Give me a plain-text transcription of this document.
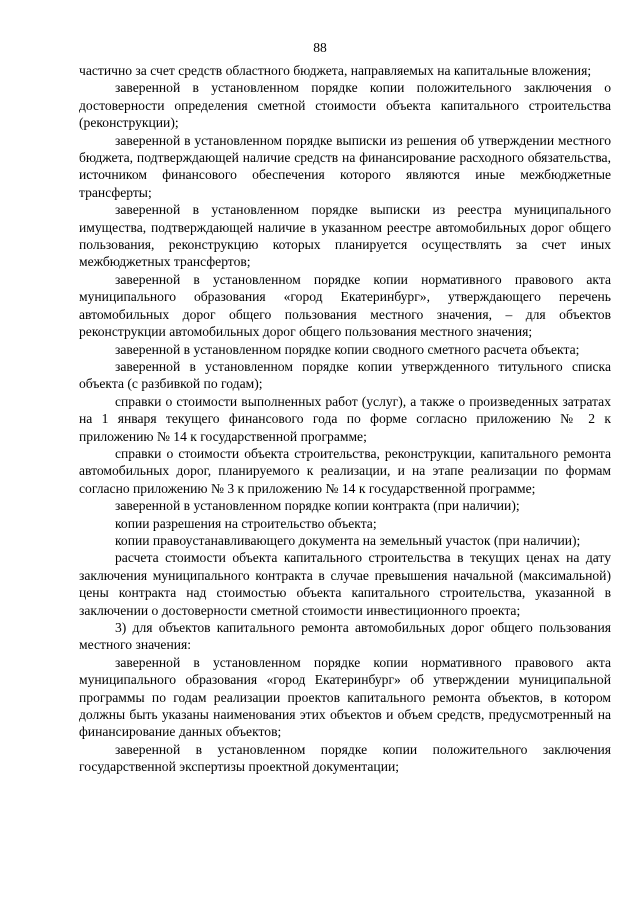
88

частично за счет средств областного бюджета, направляемых на капитальные вложения;

заверенной в установленном порядке копии положительного заключения о достоверности определения сметной стоимости объекта капитального строительства (реконструкции);

заверенной в установленном порядке выписки из решения об утверждении местного бюджета, подтверждающей наличие средств на финансирование расходного обязательства, источником финансового обеспечения которого являются иные межбюджетные трансферты;

заверенной в установленном порядке выписки из реестра муниципального имущества, подтверждающей наличие в указанном реестре автомобильных дорог общего пользования, реконструкцию которых планируется осуществлять за счет иных межбюджетных трансфертов;

заверенной в установленном порядке копии нормативного правового акта муниципального образования «город Екатеринбург», утверждающего перечень автомобильных дорог общего пользования местного значения, – для объектов реконструкции автомобильных дорог общего пользования местного значения;

заверенной в установленном порядке копии сводного сметного расчета объекта;

заверенной в установленном порядке копии утвержденного титульного списка объекта (с разбивкой по годам);

справки о стоимости выполненных работ (услуг), а также о произведенных затратах на 1 января текущего финансового года по форме согласно приложению № 2 к приложению № 14 к государственной программе;

справки о стоимости объекта строительства, реконструкции, капитального ремонта автомобильных дорог, планируемого к реализации, и на этапе реализации по формам согласно приложению № 3 к приложению № 14 к государственной программе;

заверенной в установленном порядке копии контракта (при наличии);

копии разрешения на строительство объекта;

копии правоустанавливающего документа на земельный участок (при наличии);

расчета стоимости объекта капитального строительства в текущих ценах на дату заключения муниципального контракта в случае превышения начальной (максимальной) цены контракта над стоимостью объекта капитального строительства, указанной в заключении о достоверности сметной стоимости инвестиционного проекта;

3) для объектов капитального ремонта автомобильных дорог общего пользования местного значения:

заверенной в установленном порядке копии нормативного правового акта муниципального образования «город Екатеринбург» об утверждении муниципальной программы по годам реализации проектов капитального ремонта объектов, в котором должны быть указаны наименования этих объектов и объем средств, предусмотренный на финансирование данных объектов;

заверенной в установленном порядке копии положительного заключения государственной экспертизы проектной документации;
